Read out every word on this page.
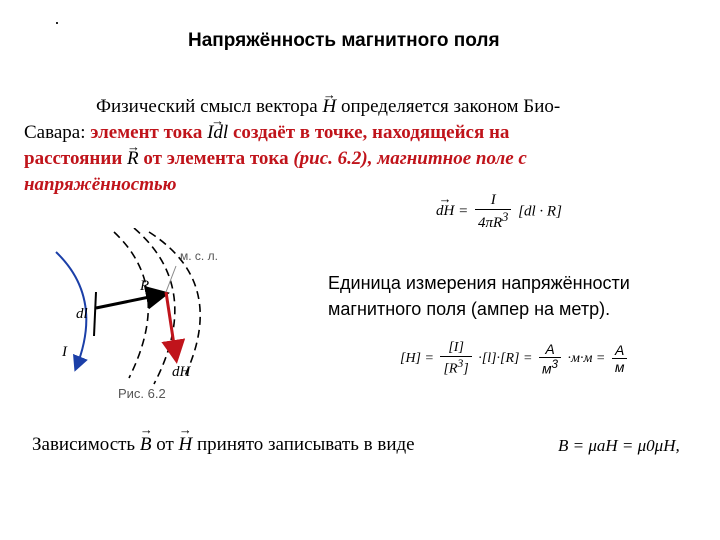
·
Напряжённость магнитного поля
Физический смысл вектора → H определяется законом Био-
Савара: элемент тока → Idl создаёт в точке, находящейся на
расстоянии → R от элемента тока (рис. 6.2), магнитное поле с
напряжённостью
→ dH = $\frac{I}{4\pi R^3} [dl \cdot R]$
м. с. л.
R
dl
I
dH
Рис. 6.2
Единица измерения напряжённости
магнитного поля (ампер на метр).
$[H] = \frac{[I]}{[R^3]} \cdot[l]\cdot[R] = \frac{А}{м^3} \cdot м\cdot м = \frac{А}{м}$
Зависимость → B от → H принято записывать в виде	B = μaH = μ0μH,
